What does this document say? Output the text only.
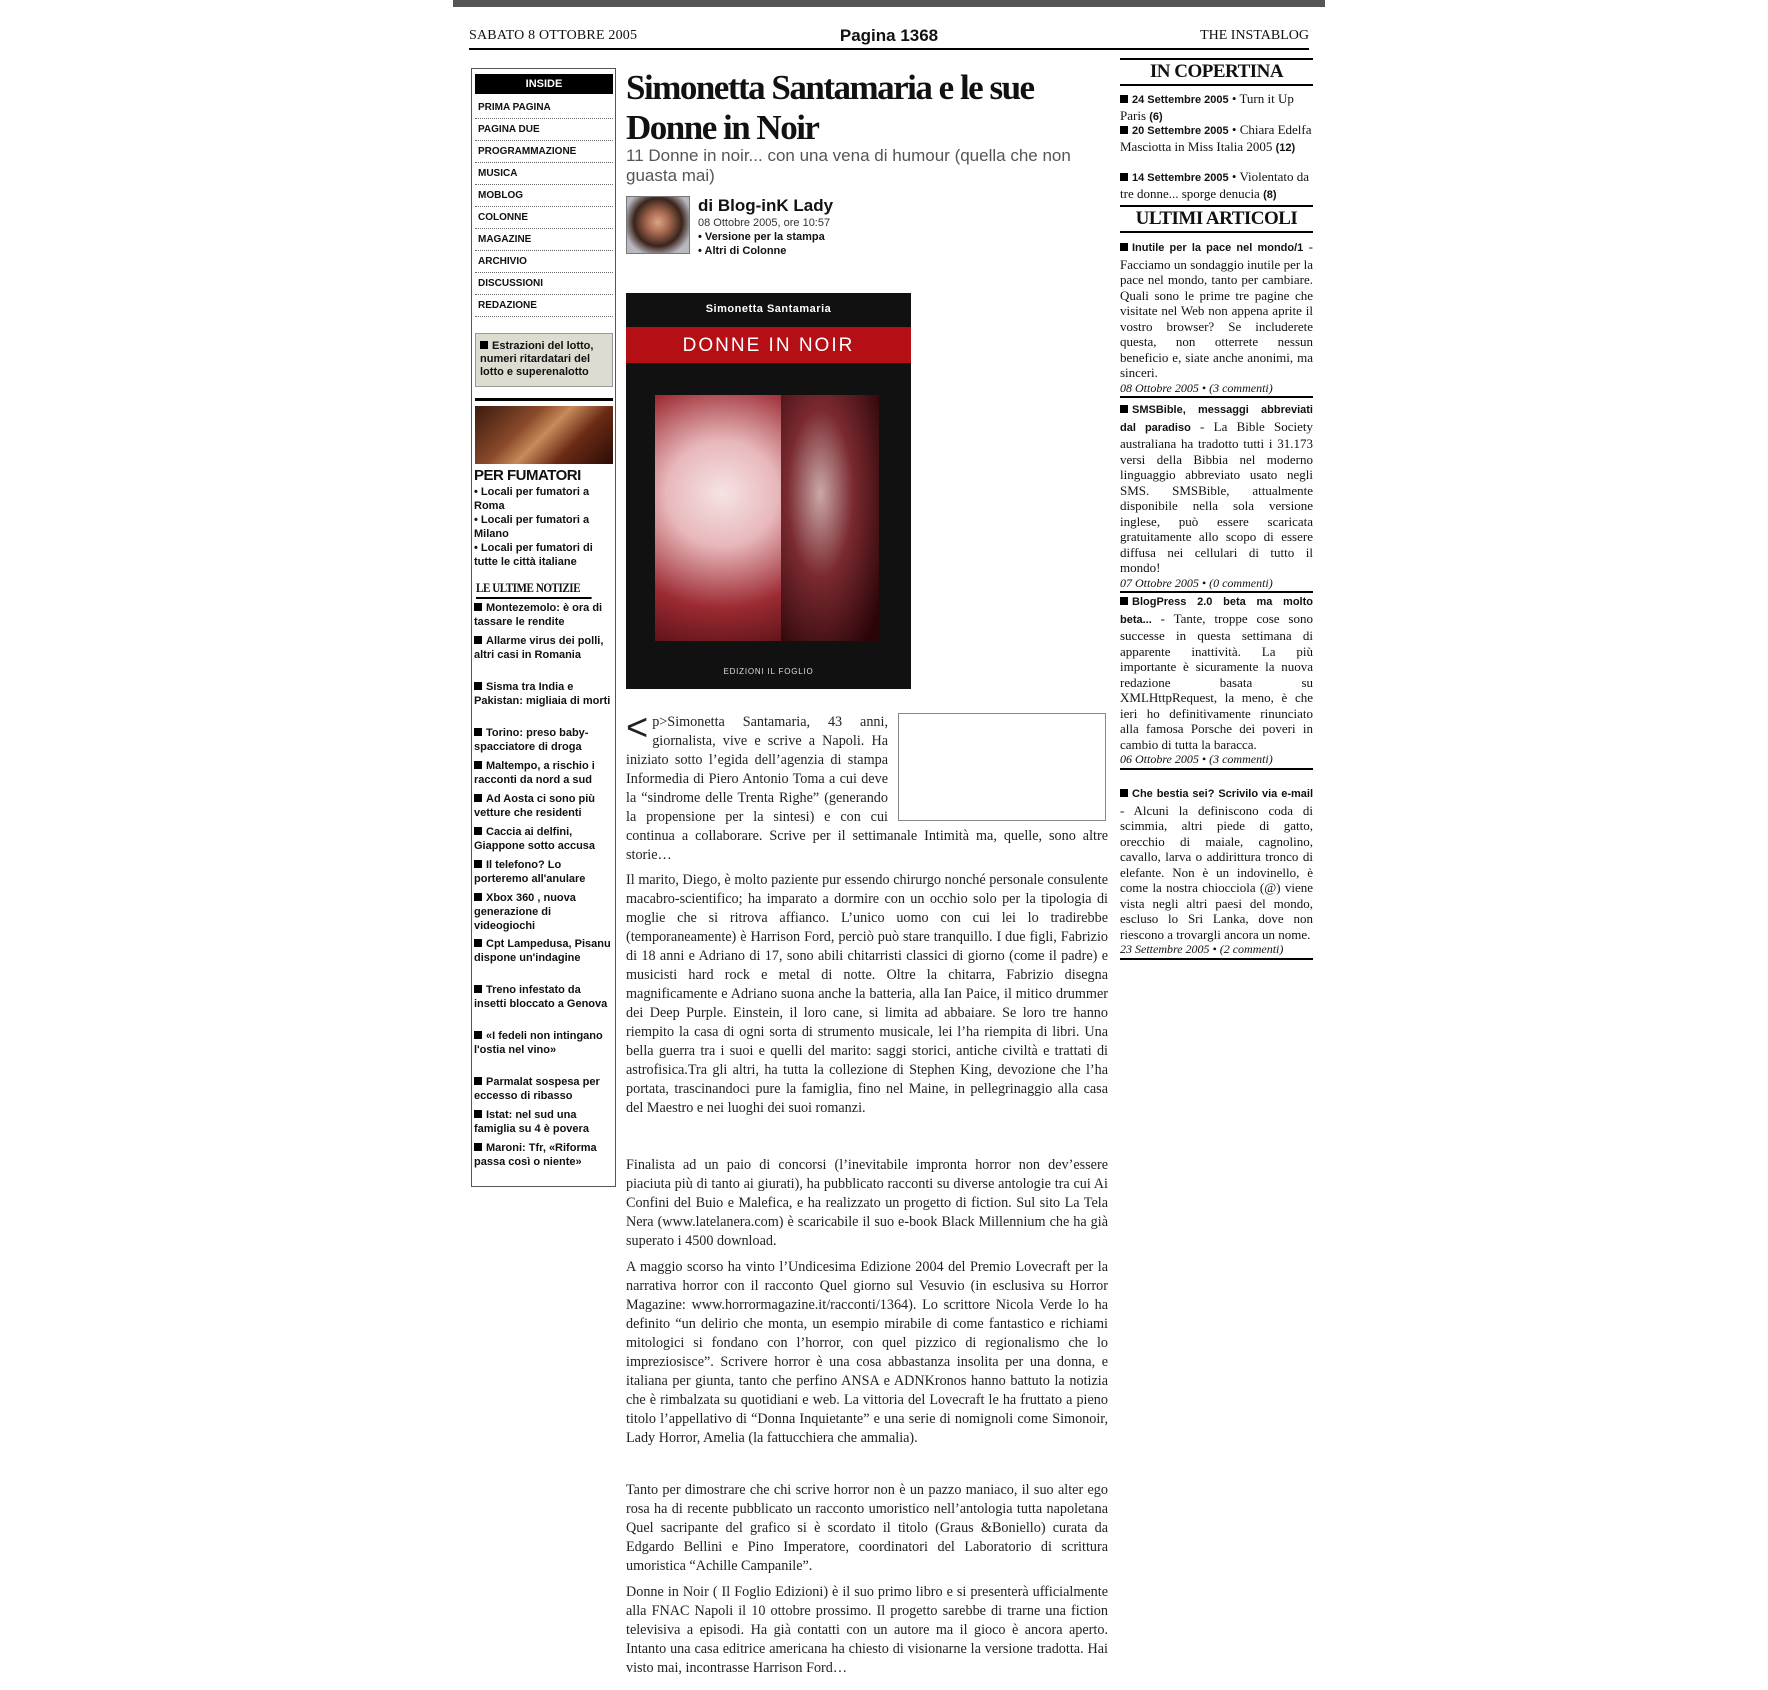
SABATO 8 OTTOBRE 2005	Pagina 1368	THE INSTABLOG
INSIDE
PRIMA PAGINA
PAGINA DUE
PROGRAMMAZIONE
MUSICA
MOBLOG
COLONNE
MAGAZINE
ARCHIVIO
DISCUSSIONI
REDAZIONE
Estrazioni del lotto, numeri ritardatari del lotto e superenalotto
PER FUMATORI
• Locali per fumatori a Roma
• Locali per fumatori a Milano
• Locali per fumatori di tutte le città italiane
LE ULTIME NOTIZIE
Montezemolo: è ora di tassare le rendite
Allarme virus dei polli, altri casi in Romania
Sisma tra India e Pakistan: migliaia di morti
Torino: preso baby-spacciatore di droga
Maltempo, a rischio i racconti da nord a sud
Ad Aosta ci sono più vetture che residenti
Caccia ai delfini, Giappone sotto accusa
Il telefono? Lo porteremo all'anulare
Xbox 360 , nuova generazione di videogiochi
Cpt Lampedusa, Pisanu dispone un'indagine
Treno infestato da insetti bloccato a Genova
«I fedeli non intingano l'ostia nel vino»
Parmalat sospesa per eccesso di ribasso
Istat: nel sud una famiglia su 4 è povera
Maroni: Tfr, «Riforma passa così o niente»
Simonetta Santamaria e le sue Donne in Noir
11 Donne in noir... con una vena di humour (quella che non guasta mai)
di Blog-inK Lady
08 Ottobre 2005, ore 10:57
• Versione per la stampa
• Altri di Colonne
Simonetta Santamaria
DONNE IN NOIR
EDIZIONI IL FOGLIO
< p>Simonetta Santamaria, 43 anni, giornalista, vive e scrive a Napoli. Ha iniziato sotto l’egida dell’agenzia di stampa Informedia di Piero Antonio Toma a cui deve la “sindrome delle Trenta Righe” (generando la propensione per la sintesi) e con cui continua a collaborare. Scrive per il settimanale Intimità ma, quelle, sono altre storie…
Il marito, Diego, è molto paziente pur essendo chirurgo nonché personale consulente macabro-scientifico; ha imparato a dormire con un occhio solo per la tipologia di moglie che si ritrova affianco. L’unico uomo con cui lei lo tradirebbe (temporaneamente) è Harrison Ford, perciò può stare tranquillo. I due figli, Fabrizio di 18 anni e Adriano di 17, sono abili chitarristi classici di giorno (come il padre) e musicisti hard rock e metal di notte. Oltre la chitarra, Fabrizio disegna magnificamente e Adriano suona anche la batteria, alla Ian Paice, il mitico drummer dei Deep Purple. Einstein, il loro cane, si limita ad abbaiare. Se loro tre hanno riempito la casa di ogni sorta di strumento musicale, lei l’ha riempita di libri. Una bella guerra tra i suoi e quelli del marito: saggi storici, antiche civiltà e trattati di astrofisica.Tra gli altri, ha tutta la collezione di Stephen King, devozione che l’ha portata, trascinandoci pure la famiglia, fino nel Maine, in pellegrinaggio alla casa del Maestro e nei luoghi dei suoi romanzi.
Finalista ad un paio di concorsi (l’inevitabile impronta horror non dev’essere piaciuta più di tanto ai giurati), ha pubblicato racconti su diverse antologie tra cui Ai Confini del Buio e Malefica, e ha realizzato un progetto di fiction. Sul sito La Tela Nera (www.latelanera.com) è scaricabile il suo e-book Black Millennium che ha già superato i 4500 download.
A maggio scorso ha vinto l’Undicesima Edizione 2004 del Premio Lovecraft per la narrativa horror con il racconto Quel giorno sul Vesuvio (in esclusiva su Horror Magazine: www.horrormagazine.it/racconti/1364). Lo scrittore Nicola Verde lo ha definito “un delirio che monta, un esempio mirabile di come fantastico e richiami mitologici si fondano con l’horror, con quel pizzico di regionalismo che lo impreziosisce”. Scrivere horror è una cosa abbastanza insolita per una donna, e italiana per giunta, tanto che perfino ANSA e ADNKronos hanno battuto la notizia che è rimbalzata su quotidiani e web. La vittoria del Lovecraft le ha fruttato a pieno titolo l’appellativo di “Donna Inquietante” e una serie di nomignoli come Simonoir, Lady Horror, Amelia (la fattucchiera che ammalia).
Tanto per dimostrare che chi scrive horror non è un pazzo maniaco, il suo alter ego rosa ha di recente pubblicato un racconto umoristico nell’antologia tutta napoletana Quel sacripante del grafico si è scordato il titolo (Graus &Boniello) curata da Edgardo Bellini e Pino Imperatore, coordinatori del Laboratorio di scrittura umoristica “Achille Campanile”.
Donne in Noir ( Il Foglio Edizioni) è il suo primo libro e si presenterà ufficialmente alla FNAC Napoli il 10 ottobre prossimo. Il progetto sarebbe di trarne una fiction televisiva a episodi. Ha già contatti con un autore ma il gioco è ancora aperto. Intanto una casa editrice americana ha chiesto di visionarne la versione tradotta. Hai visto mai, incontrasse Harrison Ford…
IN COPERTINA
24 Settembre 2005 • Turn it Up Paris (6)
20 Settembre 2005 • Chiara Edelfa Masciotta in Miss Italia 2005 (12)
14 Settembre 2005 • Violentato da tre donne... sporge denucia (8)
ULTIMI ARTICOLI
Inutile per la pace nel mondo/1 - Facciamo un sondaggio inutile per la pace nel mondo, tanto per cambiare. Quali sono le prime tre pagine che visitate nel Web non appena aprite il vostro browser? Se includerete questa, non otterrete nessun beneficio e, siate anche anonimi, ma sinceri.
08 Ottobre 2005 • (3 commenti)
SMSBible, messaggi abbreviati dal paradiso - La Bible Society australiana ha tradotto tutti i 31.173 versi della Bibbia nel moderno linguaggio abbreviato usato negli SMS. SMSBible, attualmente disponibile nella sola versione inglese, può essere scaricata gratuitamente allo scopo di essere diffusa nei cellulari di tutto il mondo!
07 Ottobre 2005 • (0 commenti)
BlogPress 2.0 beta ma molto beta... - Tante, troppe cose sono successe in questa settimana di apparente inattività. La più importante è sicuramente la nuova redazione basata su XMLHttpRequest, la meno, è che ieri ho definitivamente rinunciato alla famosa Porsche dei poveri in cambio di tutta la baracca.
06 Ottobre 2005 • (3 commenti)
Che bestia sei? Scrivilo via e-mail - Alcuni la definiscono coda di scimmia, altri piede di gatto, orecchio di maiale, cagnolino, cavallo, larva o addirittura tronco di elefante. Non è un indovinello, è come la nostra chiocciola (@) viene vista negli altri paesi del mondo, escluso lo Sri Lanka, dove non riescono a trovargli ancora un nome.
23 Settembre 2005 • (2 commenti)
